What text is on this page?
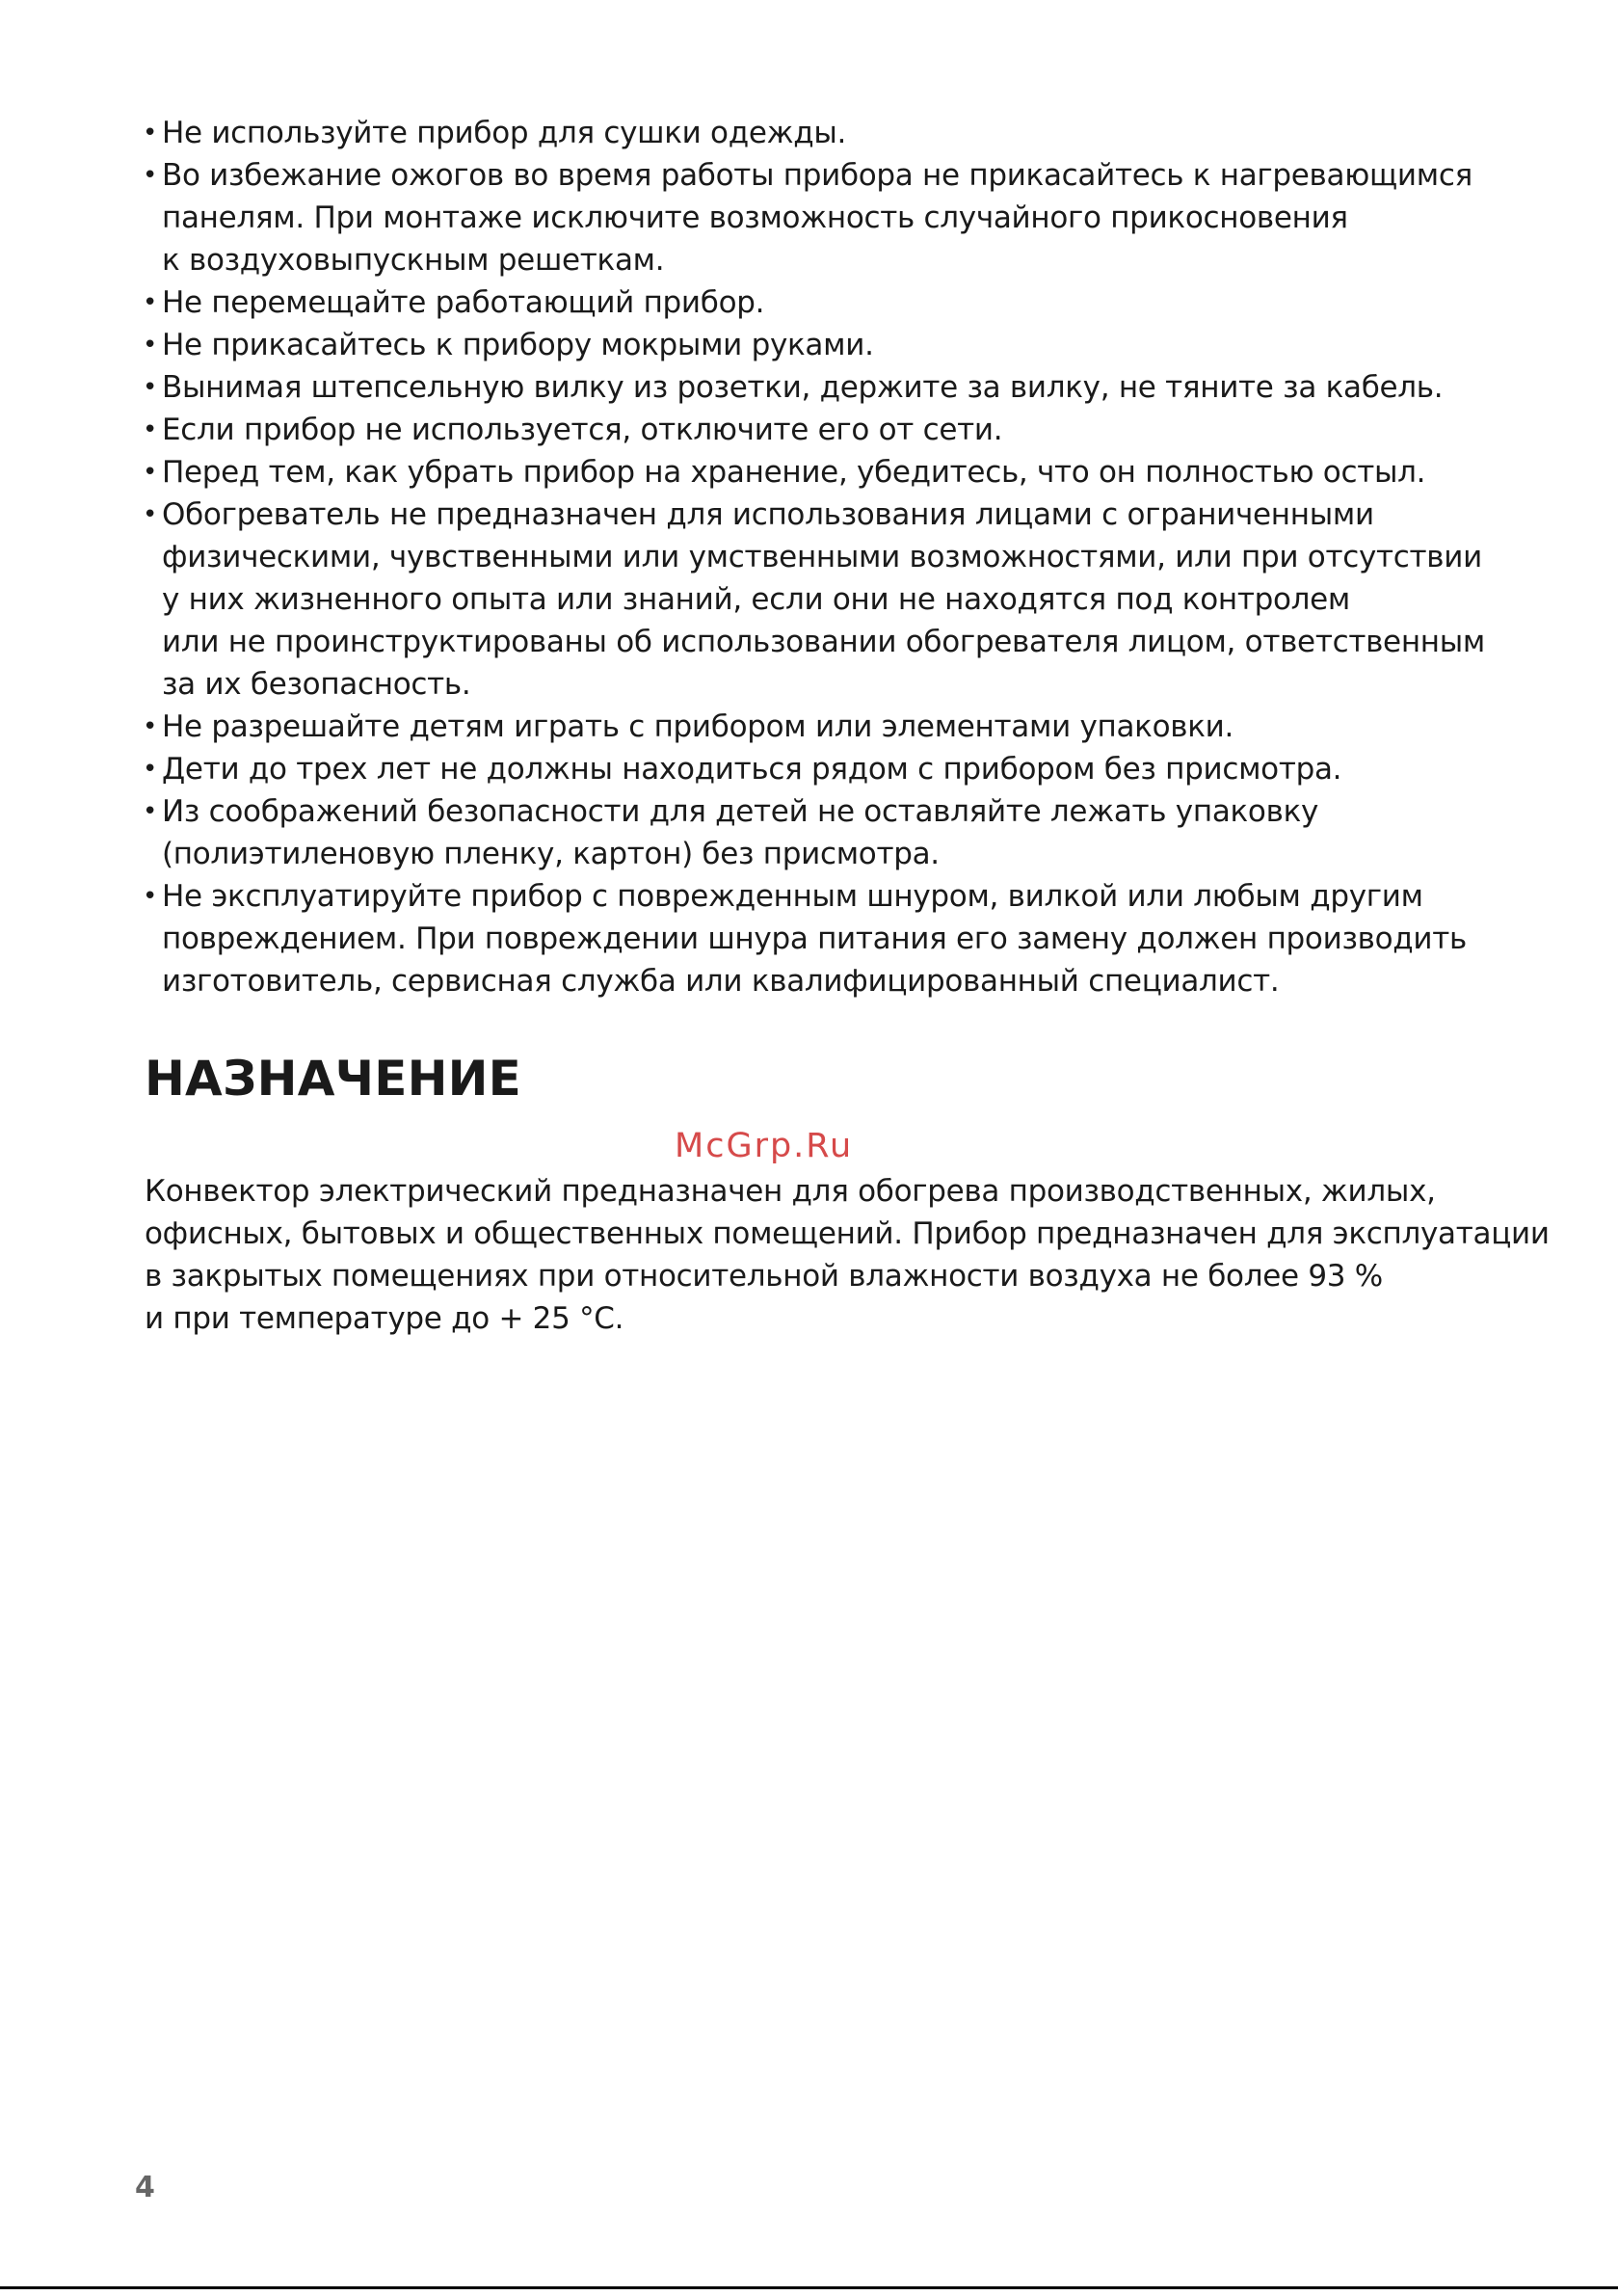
• Не используйте прибор для сушки одежды.
• Во избежание ожогов во время работы прибора не прикасайтесь к нагревающимся
панелям. При монтаже исключите возможность случайного прикосновения
к воздуховыпускным решеткам.
• Не перемещайте работающий прибор.
• Не прикасайтесь к прибору мокрыми руками.
• Вынимая штепсельную вилку из розетки, держите за вилку, не тяните за кабель.
• Если прибор не используется, отключите его от сети.
• Перед тем, как убрать прибор на хранение, убедитесь, что он полностью остыл.
• Обогреватель не предназначен для использования лицами с ограниченными
физическими, чувственными или умственными возможностями, или при отсутствии
у них жизненного опыта или знаний, если они не находятся под контролем
или не проинструктированы об использовании обогревателя лицом, ответственным
за их безопасность.
• Не разрешайте детям играть с прибором или элементами упаковки.
• Дети до трех лет не должны находиться рядом с прибором без присмотра.
• Из соображений безопасности для детей не оставляйте лежать упаковку
(полиэтиленовую пленку, картон) без присмотра.
• Не эксплуатируйте прибор с поврежденным шнуром, вилкой или любым другим
повреждением. При повреждении шнура питания его замену должен производить
изготовитель, сервисная служба или квалифицированный специалист.
НАЗНАЧЕНИЕ
McGrp.Ru

Конвектор электрический предназначен для обогрева производственных, жилых,
офисных, бытовых и общественных помещений. Прибор предназначен для эксплуатации
в закрытых помещениях при относительной влажности воздуха не более 93 %
и при температуре до + 25 °C.

4
